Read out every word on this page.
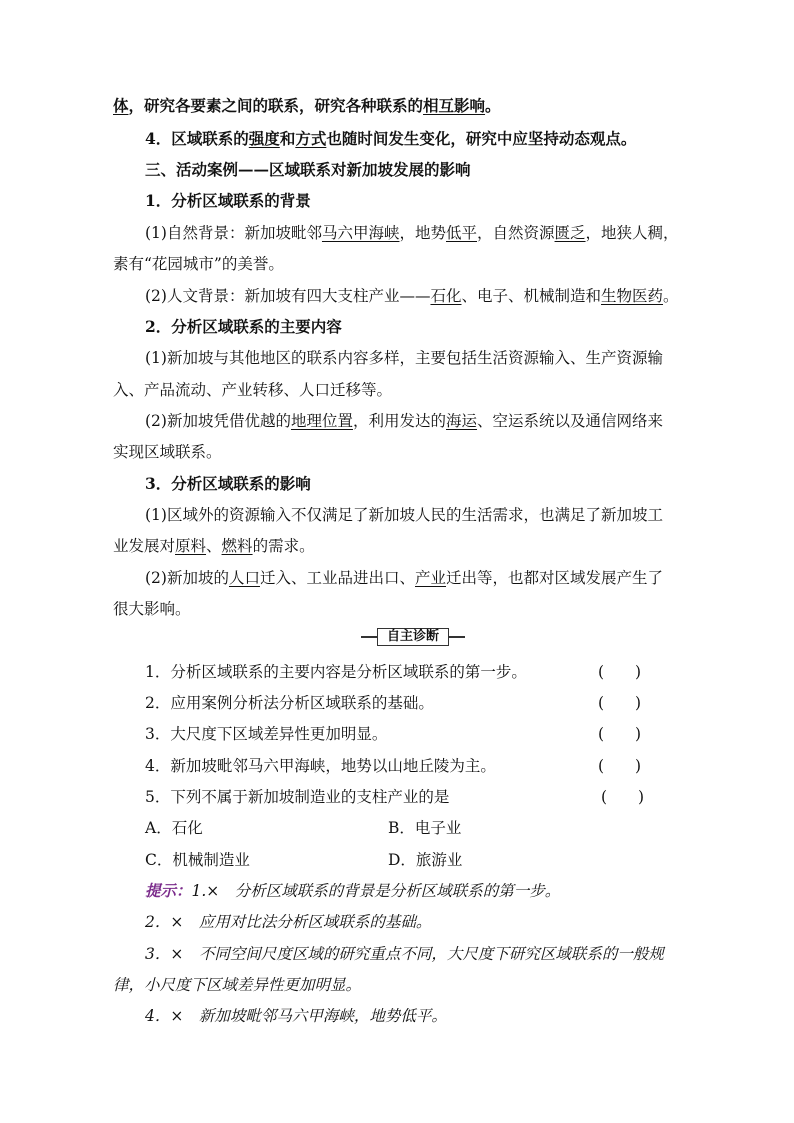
体，研究各要素之间的联系，研究各种联系的相互影响。
4．区域联系的强度和方式也随时间发生变化，研究中应坚持动态观点。
三、活动案例——区域联系对新加坡发展的影响
1．分析区域联系的背景
(1)自然背景：新加坡毗邻马六甲海峡，地势低平，自然资源匮乏，地狭人稠，
素有“花园城市”的美誉。
(2)人文背景：新加坡有四大支柱产业——石化、电子、机械制造和生物医药。
2．分析区域联系的主要内容
(1)新加坡与其他地区的联系内容多样，主要包括生活资源输入、生产资源输
入、产品流动、产业转移、人口迁移等。
(2)新加坡凭借优越的地理位置，利用发达的海运、空运系统以及通信网络来
实现区域联系。
3．分析区域联系的影响
(1)区域外的资源输入不仅满足了新加坡人民的生活需求，也满足了新加坡工
业发展对原料、燃料的需求。
(2)新加坡的人口迁入、工业品进出口、产业迁出等，也都对区域发展产生了
很大影响。
自主诊断
1．分析区域联系的主要内容是分析区域联系的第一步。	(　　)
2．应用案例分析法分析区域联系的基础。	(　　)
3．大尺度下区域差异性更加明显。	(　　)
4．新加坡毗邻马六甲海峡，地势以山地丘陵为主。	(　　)
5．下列不属于新加坡制造业的支柱产业的是	(　　)
A．石化	B．电子业
C．机械制造业	D．旅游业
提示：1.×　分析区域联系的背景是分析区域联系的第一步。
2．×　应用对比法分析区域联系的基础。
3．×　不同空间尺度区域的研究重点不同，大尺度下研究区域联系的一般规
律，小尺度下区域差异性更加明显。
4．×　新加坡毗邻马六甲海峡，地势低平。
